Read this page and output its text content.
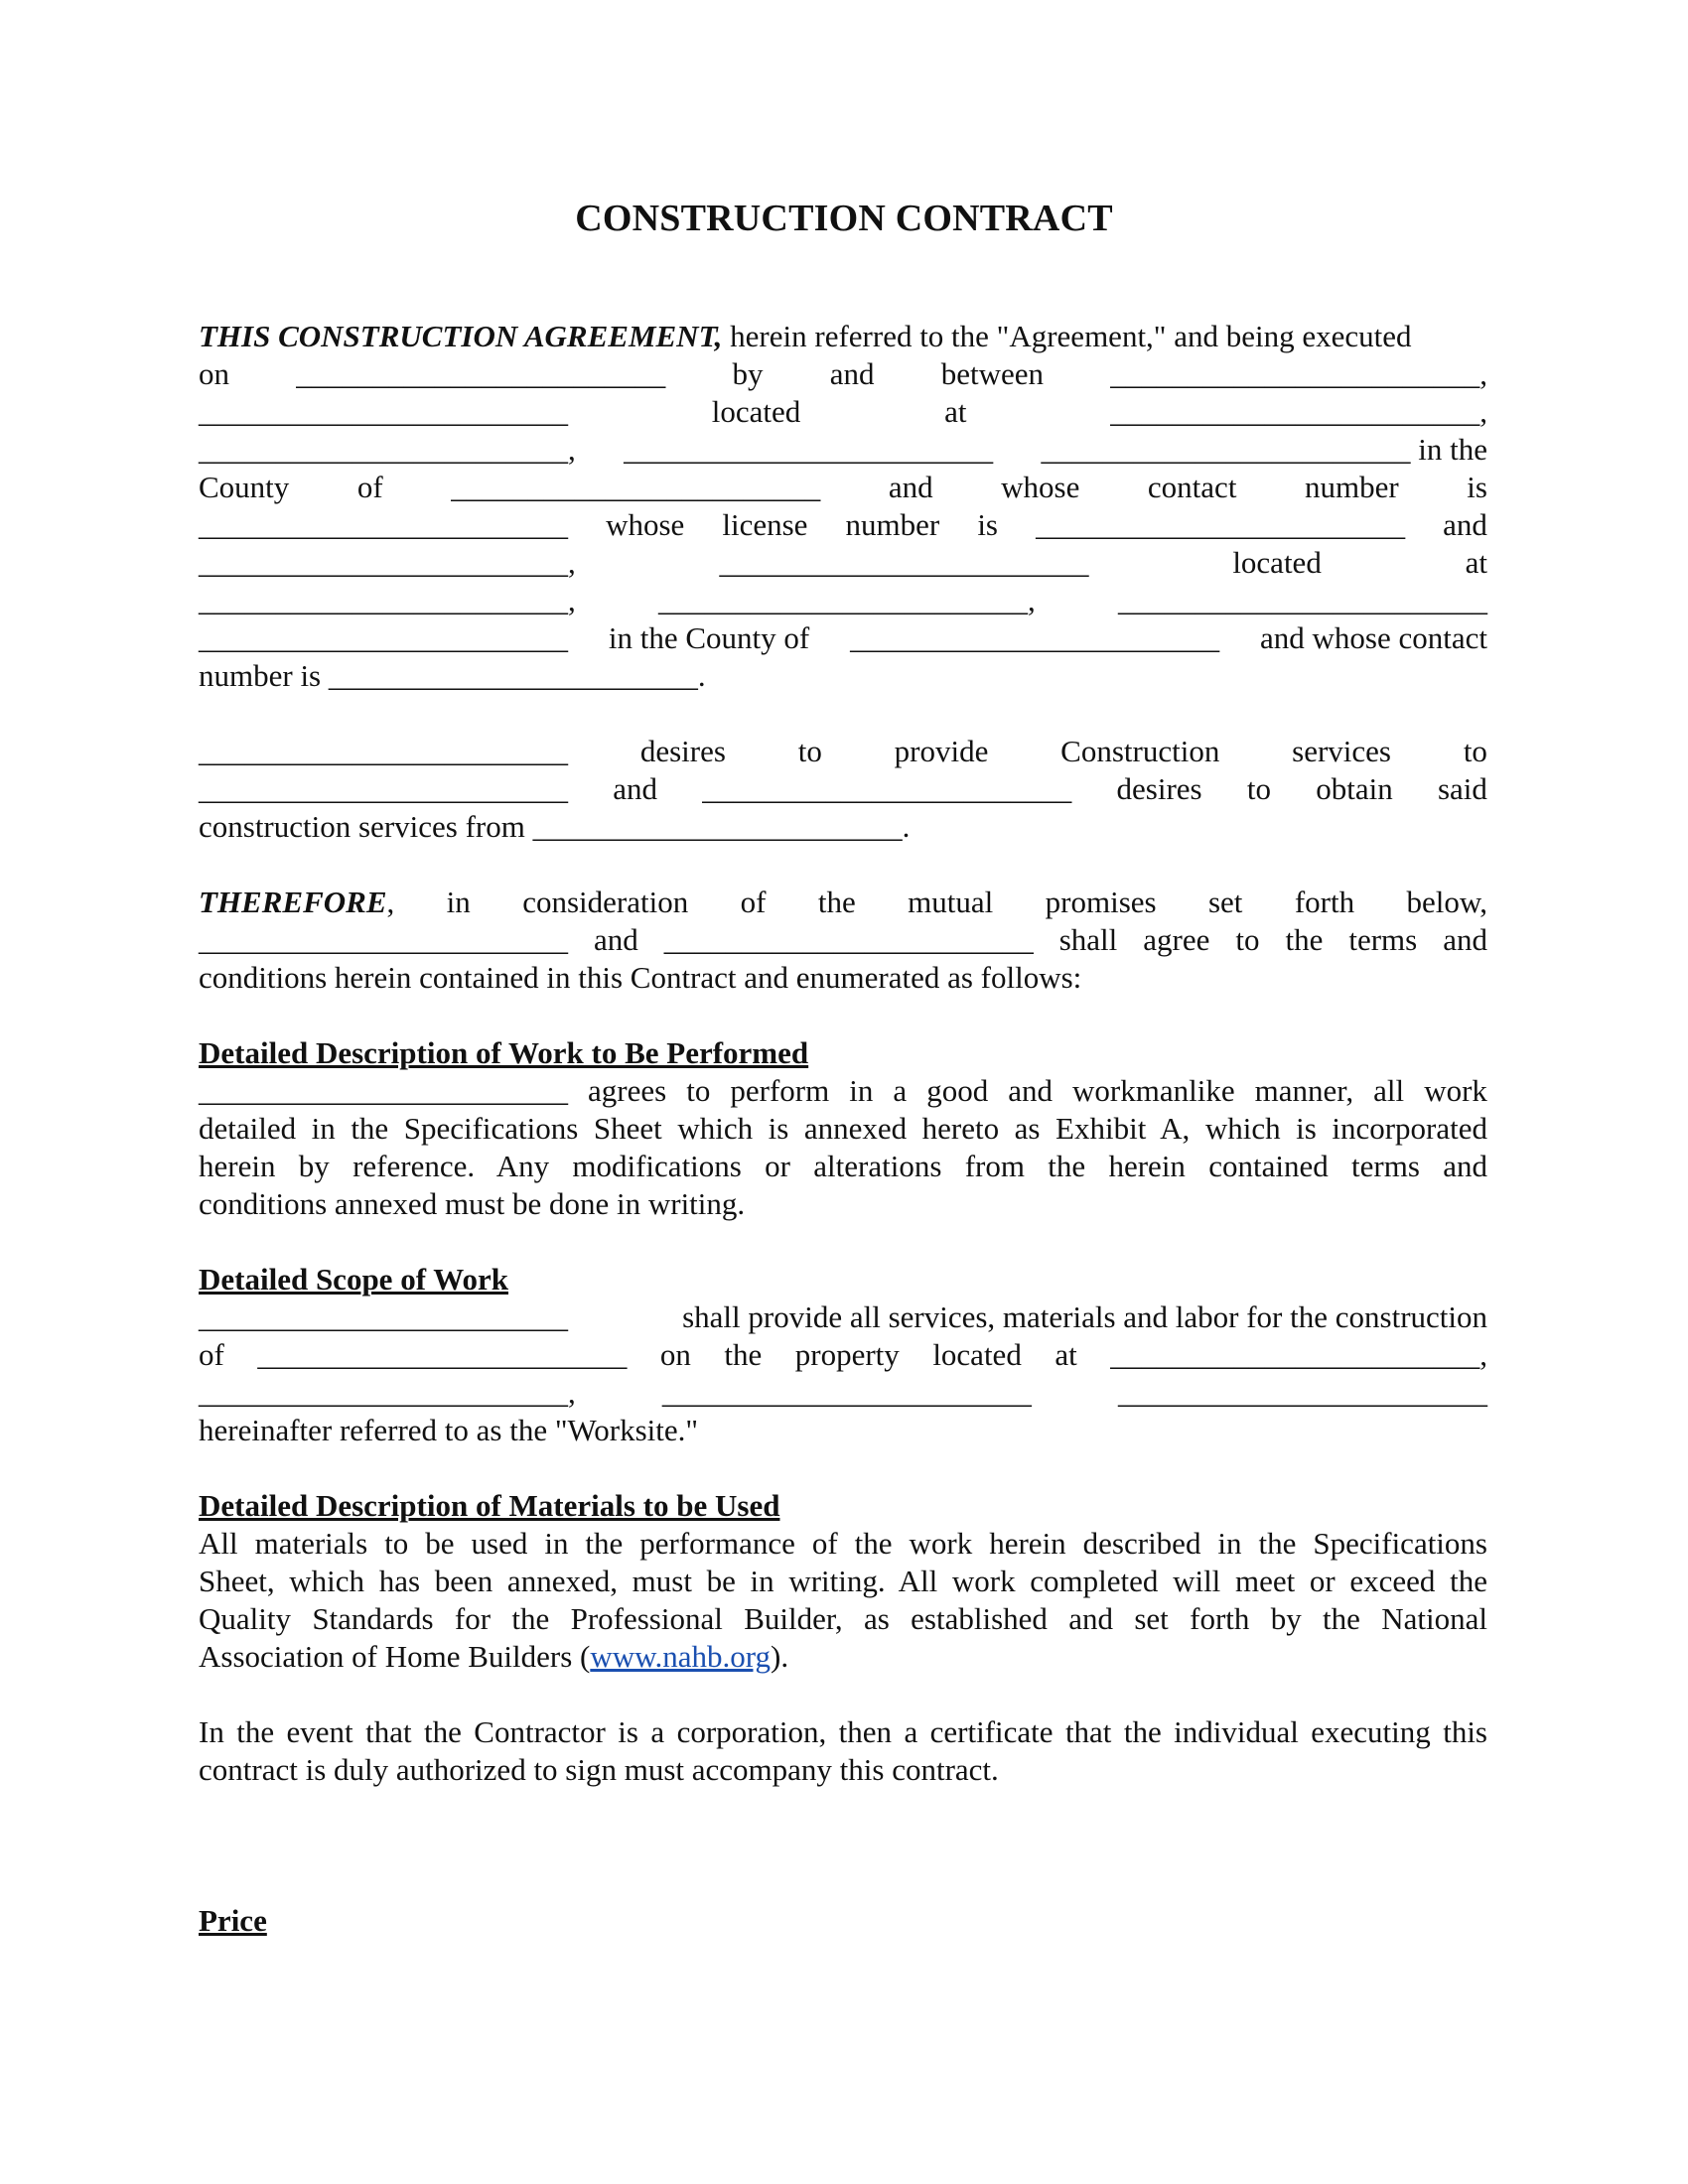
CONSTRUCTION CONTRACT
THIS CONSTRUCTION AGREEMENT, herein referred to the "Agreement," and being executed
on ________________________ by and between ________________________,
________________________	located	at	________________________,
________________________, ________________________ ________________________ in the
County of ________________________ and whose contact number is
________________________ whose license number is ________________________ and
________________________,	________________________	located	at
________________________,	________________________,	________________________
________________________ in the County of ________________________ and whose contact
number is ________________________.
________________________ desires to provide Construction services to
________________________ and ________________________ desires to obtain said
construction services from ________________________.
THEREFORE, in consideration of the mutual promises set forth below,
________________________ and ________________________ shall agree to the terms and
conditions herein contained in this Contract and enumerated as follows:
Detailed Description of Work to Be Performed
________________________ agrees to perform in a good and workmanlike manner, all work
detailed in the Specifications Sheet which is annexed hereto as Exhibit A, which is incorporated
herein by reference. Any modifications or alterations from the herein contained terms and
conditions annexed must be done in writing.
Detailed Scope of Work
________________________	shall provide all services, materials and labor for the construction
of ________________________ on the property located at ________________________,
________________________,	________________________	________________________
hereinafter referred to as the "Worksite."
Detailed Description of Materials to be Used
All materials to be used in the performance of the work herein described in the Specifications
Sheet, which has been annexed, must be in writing. All work completed will meet or exceed the
Quality Standards for the Professional Builder, as established and set forth by the National
Association of Home Builders (www.nahb.org).
In the event that the Contractor is a corporation, then a certificate that the individual executing this
contract is duly authorized to sign must accompany this contract.
Price
